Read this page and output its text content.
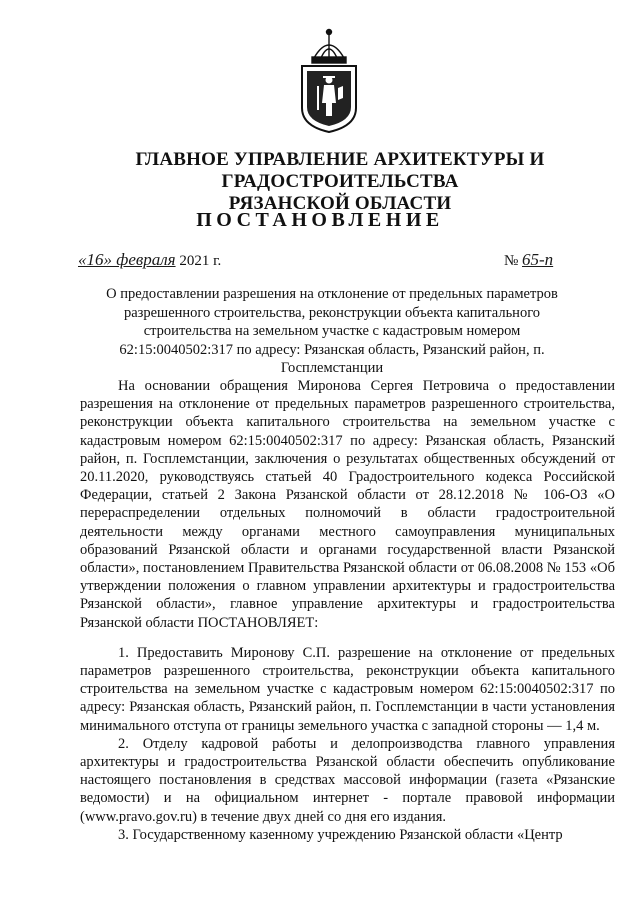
ГЛАВНОЕ УПРАВЛЕНИЕ АРХИТЕКТУРЫ И ГРАДОСТРОИТЕЛЬСТВА
РЯЗАНСКОЙ ОБЛАСТИ
ПОСТАНОВЛЕНИЕ
«16» февраля 2021 г.	№ 65-п
О предоставлении разрешения на отклонение от предельных параметров разрешенного строительства, реконструкции объекта капитального строительства на земельном участке с кадастровым номером 62:15:0040502:317 по адресу: Рязанская область, Рязанский район, п. Госплемстанции

На основании обращения Миронова Сергея Петровича о предоставлении разрешения на отклонение от предельных параметров разрешенного строительства, реконструкции объекта капитального строительства на земельном участке с кадастровым номером 62:15:0040502:317 по адресу: Рязанская область, Рязанский район, п. Госплемстанции, заключения о результатах общественных обсуждений от 20.11.2020, руководствуясь статьей 40 Градостроительного кодекса Российской Федерации, статьей 2 Закона Рязанской области от 28.12.2018 № 106-ОЗ «О перераспределении отдельных полномочий в области градостроительной деятельности между органами местного самоуправления муниципальных образований Рязанской области и органами государственной власти Рязанской области», постановлением Правительства Рязанской области от 06.08.2008 № 153 «Об утверждении положения о главном управлении архитектуры и градостроительства Рязанской области», главное управление архитектуры и градостроительства Рязанской области ПОСТАНОВЛЯЕТ:

1. Предоставить Миронову С.П. разрешение на отклонение от предельных параметров разрешенного строительства, реконструкции объекта капитального строительства на земельном участке с кадастровым номером 62:15:0040502:317 по адресу: Рязанская область, Рязанский район, п. Госплемстанции в части установления минимального отступа от границы земельного участка с западной стороны — 1,4 м.

2. Отделу кадровой работы и делопроизводства главного управления архитектуры и градостроительства Рязанской области обеспечить опубликование настоящего постановления в средствах массовой информации (газета «Рязанские ведомости) и на официальном интернет - портале правовой информации (www.pravo.gov.ru) в течение двух дней со дня его издания.

3. Государственному казенному учреждению Рязанской области «Центр
